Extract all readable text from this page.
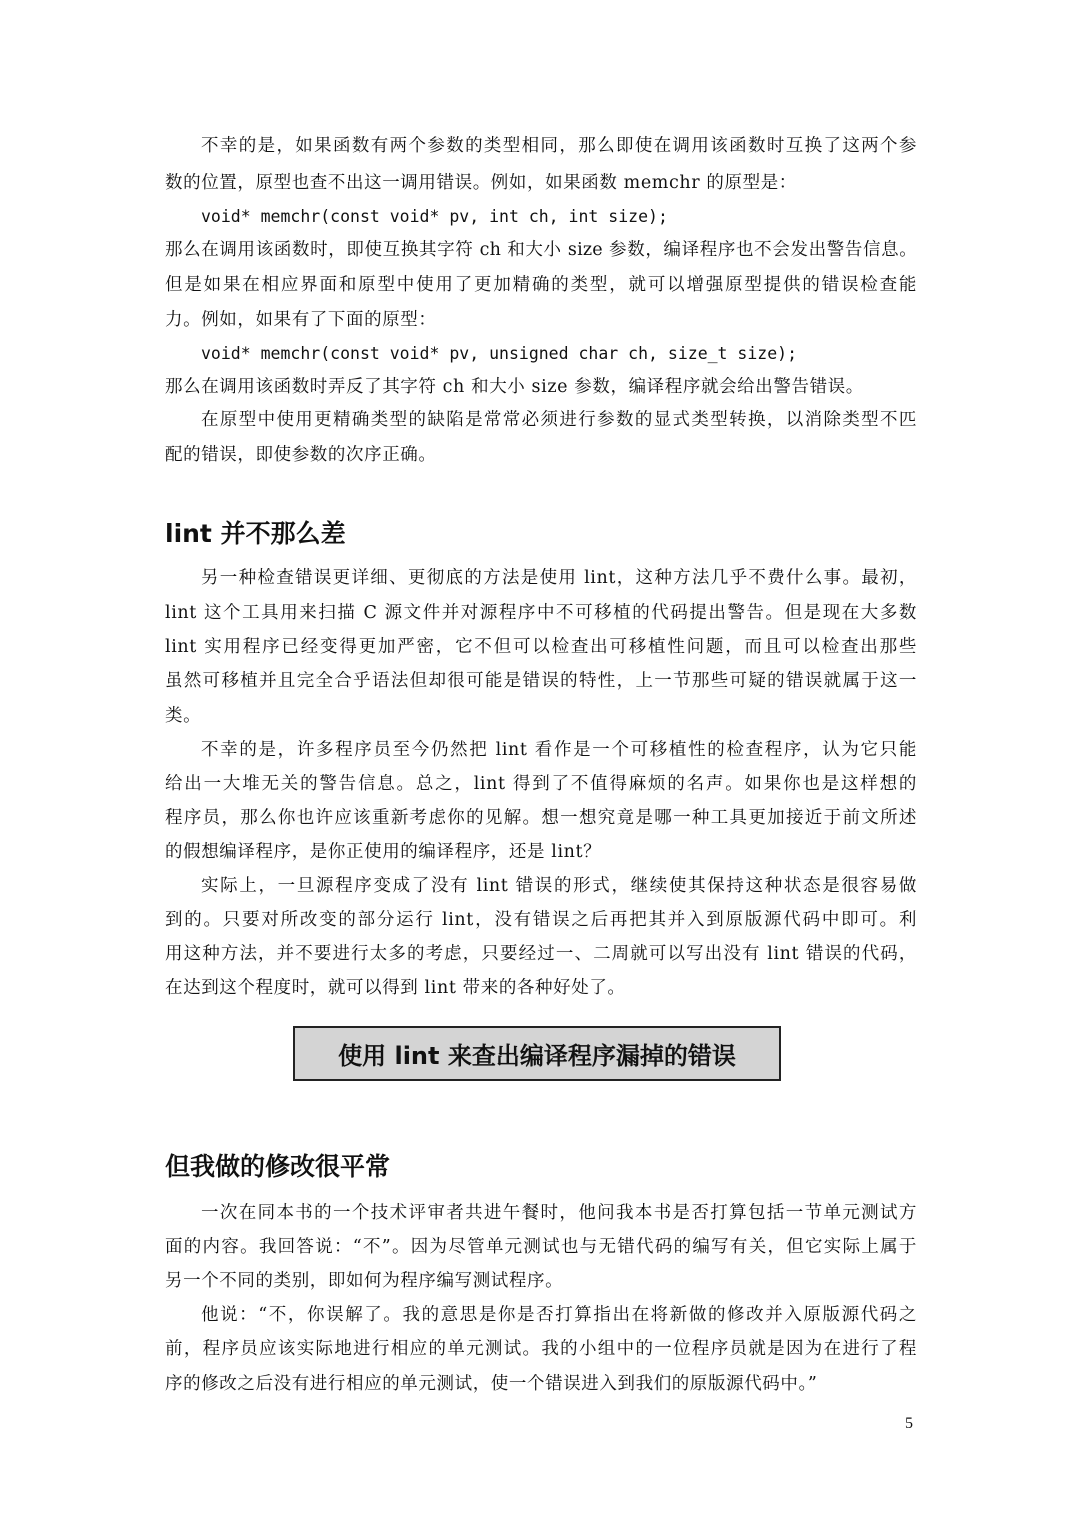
不幸的是，如果函数有两个参数的类型相同，那么即使在调用该函数时互换了这两个参
数的位置，原型也查不出这一调用错误。例如，如果函数 memchr 的原型是：
void* memchr(const void* pv, int ch, int size);
那么在调用该函数时，即使互换其字符 ch 和大小 size 参数，编译程序也不会发出警告信息。
但是如果在相应界面和原型中使用了更加精确的类型，就可以增强原型提供的错误检查能
力。例如，如果有了下面的原型：
void* memchr(const void* pv, unsigned char ch, size_t size);
那么在调用该函数时弄反了其字符 ch 和大小 size 参数，编译程序就会给出警告错误。
在原型中使用更精确类型的缺陷是常常必须进行参数的显式类型转换，以消除类型不匹
配的错误，即使参数的次序正确。
lint 并不那么差
另一种检查错误更详细、更彻底的方法是使用 lint，这种方法几乎不费什么事。最初，
lint 这个工具用来扫描 C 源文件并对源程序中不可移植的代码提出警告。但是现在大多数
lint 实用程序已经变得更加严密，它不但可以检查出可移植性问题，而且可以检查出那些
虽然可移植并且完全合乎语法但却很可能是错误的特性，上一节那些可疑的错误就属于这一
类。
不幸的是，许多程序员至今仍然把 lint 看作是一个可移植性的检查程序，认为它只能
给出一大堆无关的警告信息。总之，lint 得到了不值得麻烦的名声。如果你也是这样想的
程序员，那么你也许应该重新考虑你的见解。想一想究竟是哪一种工具更加接近于前文所述
的假想编译程序，是你正使用的编译程序，还是 lint？
实际上，一旦源程序变成了没有 lint 错误的形式，继续使其保持这种状态是很容易做
到的。只要对所改变的部分运行 lint，没有错误之后再把其并入到原版源代码中即可。利
用这种方法，并不要进行太多的考虑，只要经过一、二周就可以写出没有 lint 错误的代码，
在达到这个程度时，就可以得到 lint 带来的各种好处了。
使用 lint 来查出编译程序漏掉的错误
但我做的修改很平常
一次在同本书的一个技术评审者共进午餐时，他问我本书是否打算包括一节单元测试方
面的内容。我回答说：“不”。因为尽管单元测试也与无错代码的编写有关，但它实际上属于
另一个不同的类别，即如何为程序编写测试程序。
他说：“不，你误解了。我的意思是你是否打算指出在将新做的修改并入原版源代码之
前，程序员应该实际地进行相应的单元测试。我的小组中的一位程序员就是因为在进行了程
序的修改之后没有进行相应的单元测试，使一个错误进入到我们的原版源代码中。”
5
